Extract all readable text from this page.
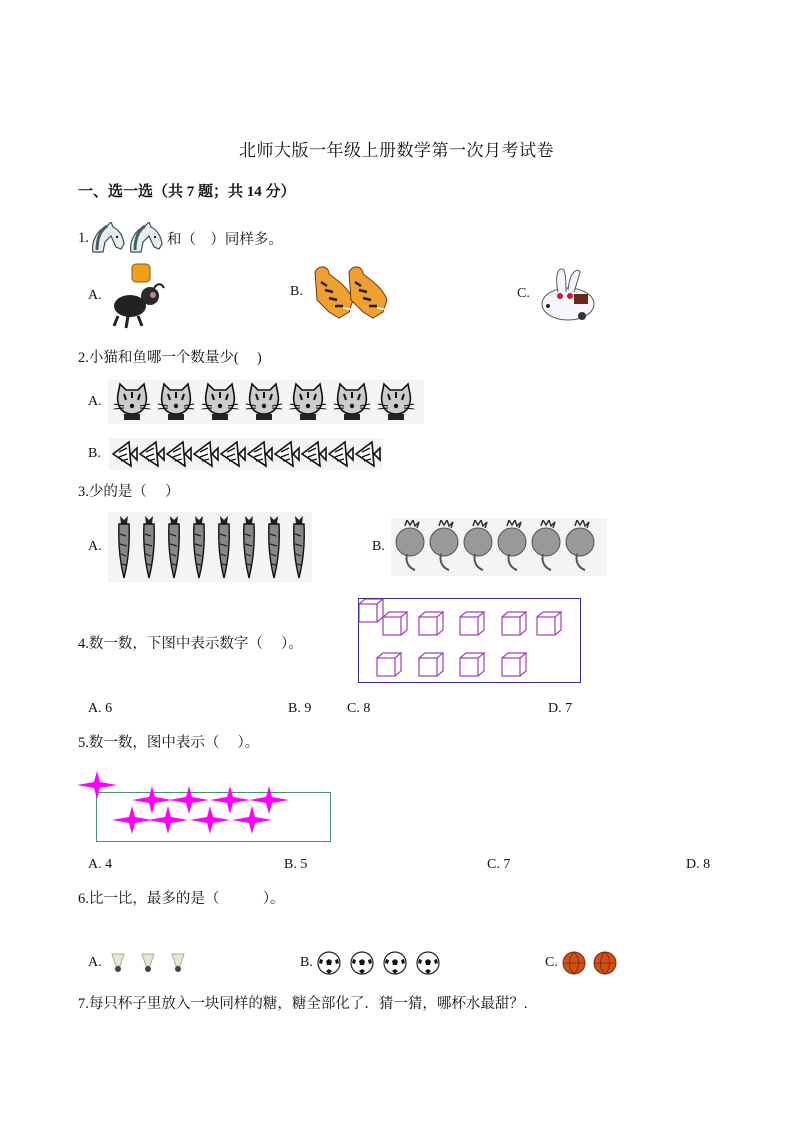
北师大版一年级上册数学第一次月考试卷
一、选一选（共 7 题；共 14 分）
1.	和（　）同样多。
A.	B.	C.
2.小猫和鱼哪一个数量少(　 )
A.
B.
3.少的是（　 ）
A.	B.
4.数一数，下图中表示数字（　 ）。
A. 6	B. 9	C. 8	D. 7
5.数一数，图中表示（　 ）。
A. 4	B. 5	C. 7	D. 8
6.比一比，最多的是（　　　）。
A.	B.	C.
7.每只杯子里放入一块同样的糖，糖全部化了．猜一猜，哪杯水最甜？.
